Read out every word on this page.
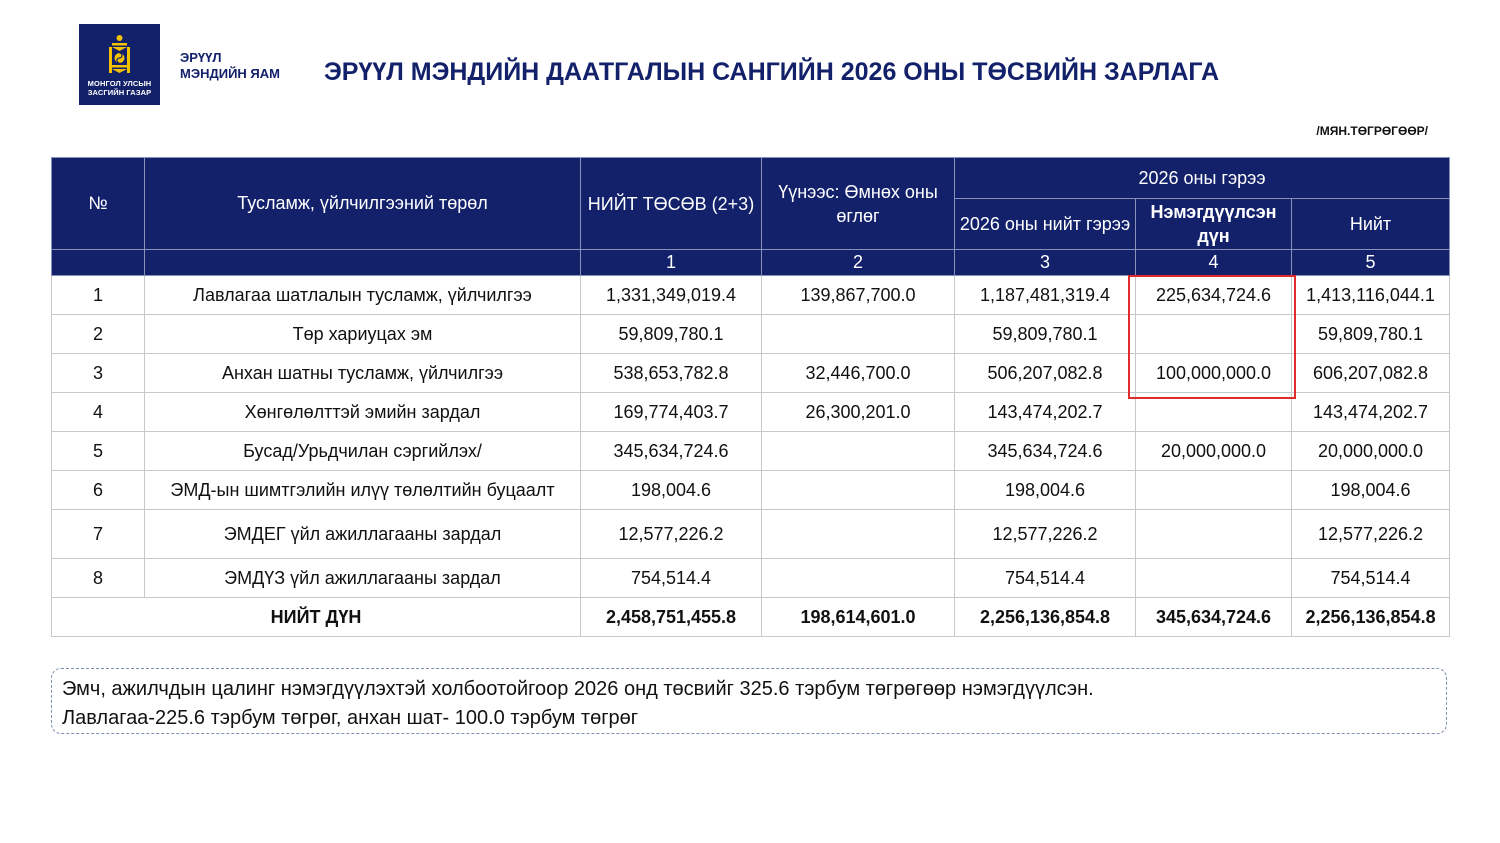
МОНГОЛ УЛСЫН
ЗАСГИЙН ГАЗАР
ЭРҮҮЛ
МЭНДИЙН ЯАМ ЭРҮҮЛ МЭНДИЙН ДААТГАЛЫН САНГИЙН 2026 ОНЫ ТӨСВИЙН ЗАРЛАГА
/МЯН.ТӨГРӨГӨӨР/
№	Тусламж, үйлчилгээний төрөл	НИЙТ ТӨСӨВ (2+3)	Үүнээс: Өмнөх оны өглөг	2026 оны гэрээ		
				2026 оны нийт гэрээ	Нэмэгдүүлсэн дүн	Нийт
		1	2	3	4	5
1	Лавлагаа шатлалын тусламж, үйлчилгээ	1,331,349,019.4	139,867,700.0	1,187,481,319.4	225,634,724.6	1,413,116,044.1
2	Төр хариуцах эм	59,809,780.1		59,809,780.1		59,809,780.1
3	Анхан шатны тусламж, үйлчилгээ	538,653,782.8	32,446,700.0	506,207,082.8	100,000,000.0	606,207,082.8
4	Хөнгөлөлттэй эмийн зардал	169,774,403.7	26,300,201.0	143,474,202.7		143,474,202.7
5	Бусад/Урьдчилан сэргийлэх/	345,634,724.6		345,634,724.6	20,000,000.0	20,000,000.0
6	ЭМД-ын шимтгэлийн илүү төлөлтийн буцаалт	198,004.6		198,004.6		198,004.6
7	ЭМДЕГ үйл ажиллагааны зардал	12,577,226.2		12,577,226.2		12,577,226.2
8	ЭМДҮЗ үйл ажиллагааны зардал	754,514.4		754,514.4		754,514.4
НИЙТ ДҮН		2,458,751,455.8	198,614,601.0	2,256,136,854.8	345,634,724.6	2,256,136,854.8

Эмч, ажилчдын цалинг нэмэгдүүлэхтэй холбоотойгоор 2026 онд төсвийг 325.6 тэрбум төгрөгөөр нэмэгдүүлсэн.

Лавлагаа-225.6 тэрбум төгрөг, анхан шат- 100.0 тэрбум төгрөг
